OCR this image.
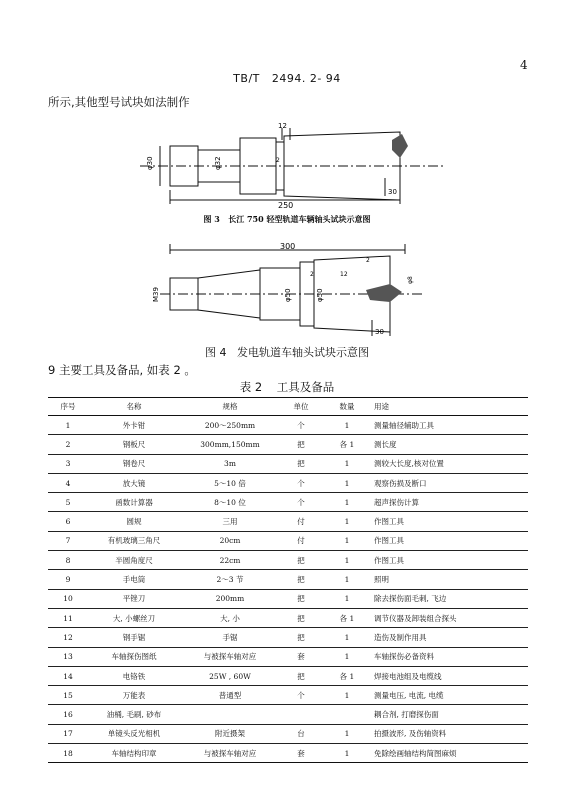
4
TB/T   2494. 2- 94
所示,其他型号试块如法制作
φ30	φ32
12
2
30
250
图 3   长江 750 轻型轨道车辆轴头试块示意图
300
M39	φ50	φ50
12
2
2
φ8
30
图 4   发电轨道车轴头试块示意图
9 主要工具及备品, 如表 2 。
表 2    工具及备品
序号	名称	规格	单位	数量	用途
1	外卡钳	200～250mm	个	1	测量轴径辅助工具
2	钢板尺	300mm,150mm	把	各 1	测长度
3	钢卷尺	3m	把	1	测较大长度,核对位置
4	放大镜	5～10 倍	个	1	观察伤损及断口
5	函数计算器	8～10 位	个	1	超声探伤计算
6	圆规	三用	付	1	作图工具
7	有机玻璃三角尺	20cm	付	1	作图工具
8	半圆角度尺	22cm	把	1	作图工具
9	手电筒	2～3 节	把	1	照明
10	平锉刀	200mm	把	1	除去探伤面毛刺, 飞边
11	大, 小螺丝刀	大, 小	把	各 1	调节仪器及卸装组合探头
12	钢手锯	手锯	把	1	造伤及制作用具
13	车轴探伤图纸	与被探车轴对应	套	1	车轴探伤必备资料
14	电铬铁	25W , 60W	把	各 1	焊接电池组及电缆线
15	万能表	普通型	个	1	测量电压, 电流, 电缆
16	油桶, 毛刷, 砂布				耦合剂, 打磨探伤面
17	单镜头反光相机	附近摄架	台	1	拍摄波形, 及伤轴资料
18	车轴结构印章	与被探车轴对应	套	1	免除绘画轴结构简图麻烦
